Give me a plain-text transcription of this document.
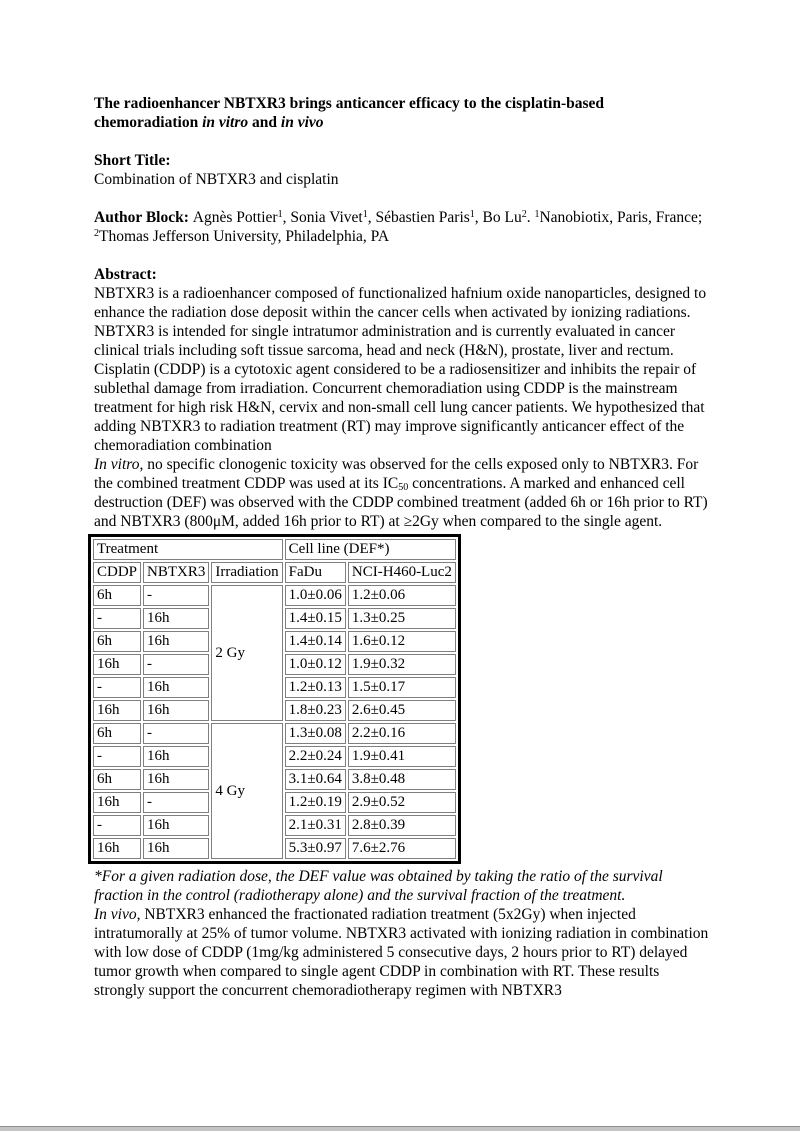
The radioenhancer NBTXR3 brings anticancer efficacy to the cisplatin-based chemoradiation in vitro and in vivo
Short Title:
Combination of NBTXR3 and cisplatin
Author Block: Agnès Pottier$^1$, Sonia Vivet$^1$, Sébastien Paris$^1$, Bo Lu$^2$. $^1$Nanobiotix, Paris, France; $^2$Thomas Jefferson University, Philadelphia, PA
Abstract:
NBTXR3 is a radioenhancer composed of functionalized hafnium oxide nanoparticles, designed to enhance the radiation dose deposit within the cancer cells when activated by ionizing radiations. NBTXR3 is intended for single intratumor administration and is currently evaluated in cancer clinical trials including soft tissue sarcoma, head and neck (H&N), prostate, liver and rectum.
Cisplatin (CDDP) is a cytotoxic agent considered to be a radiosensitizer and inhibits the repair of sublethal damage from irradiation. Concurrent chemoradiation using CDDP is the mainstream treatment for high risk H&N, cervix and non-small cell lung cancer patients. We hypothesized that adding NBTXR3 to radiation treatment (RT) may improve significantly anticancer effect of the chemoradiation combination
In vitro, no specific clonogenic toxicity was observed for the cells exposed only to NBTXR3. For the combined treatment CDDP was used at its IC50 concentrations. A marked and enhanced cell destruction (DEF) was observed with the CDDP combined treatment (added 6h or 16h prior to RT) and NBTXR3 (800μM, added 16h prior to RT) at ≥2Gy when compared to the single agent.
Treatment			Cell line (DEF*)	
CDDP	NBTXR3	Irradiation	FaDu	NCI-H460-Luc2
6h	-	2 Gy	1.0±0.06	1.2±0.06
-	16h		1.4±0.15	1.3±0.25
6h	16h		1.4±0.14	1.6±0.12
16h	-		1.0±0.12	1.9±0.32
-	16h		1.2±0.13	1.5±0.17
16h	16h		1.8±0.23	2.6±0.45
6h	-	4 Gy	1.3±0.08	2.2±0.16
-	16h		2.2±0.24	1.9±0.41
6h	16h		3.1±0.64	3.8±0.48
16h	-		1.2±0.19	2.9±0.52
-	16h		2.1±0.31	2.8±0.39
16h	16h		5.3±0.97	7.6±2.76
*For a given radiation dose, the DEF value was obtained by taking the ratio of the survival fraction in the control (radiotherapy alone) and the survival fraction of the treatment.
In vivo, NBTXR3 enhanced the fractionated radiation treatment (5x2Gy) when injected intratumorally at 25% of tumor volume. NBTXR3 activated with ionizing radiation in combination with low dose of CDDP (1mg/kg administered 5 consecutive days, 2 hours prior to RT) delayed tumor growth when compared to single agent CDDP in combination with RT. These results strongly support the concurrent chemoradiotherapy regimen with NBTXR3
